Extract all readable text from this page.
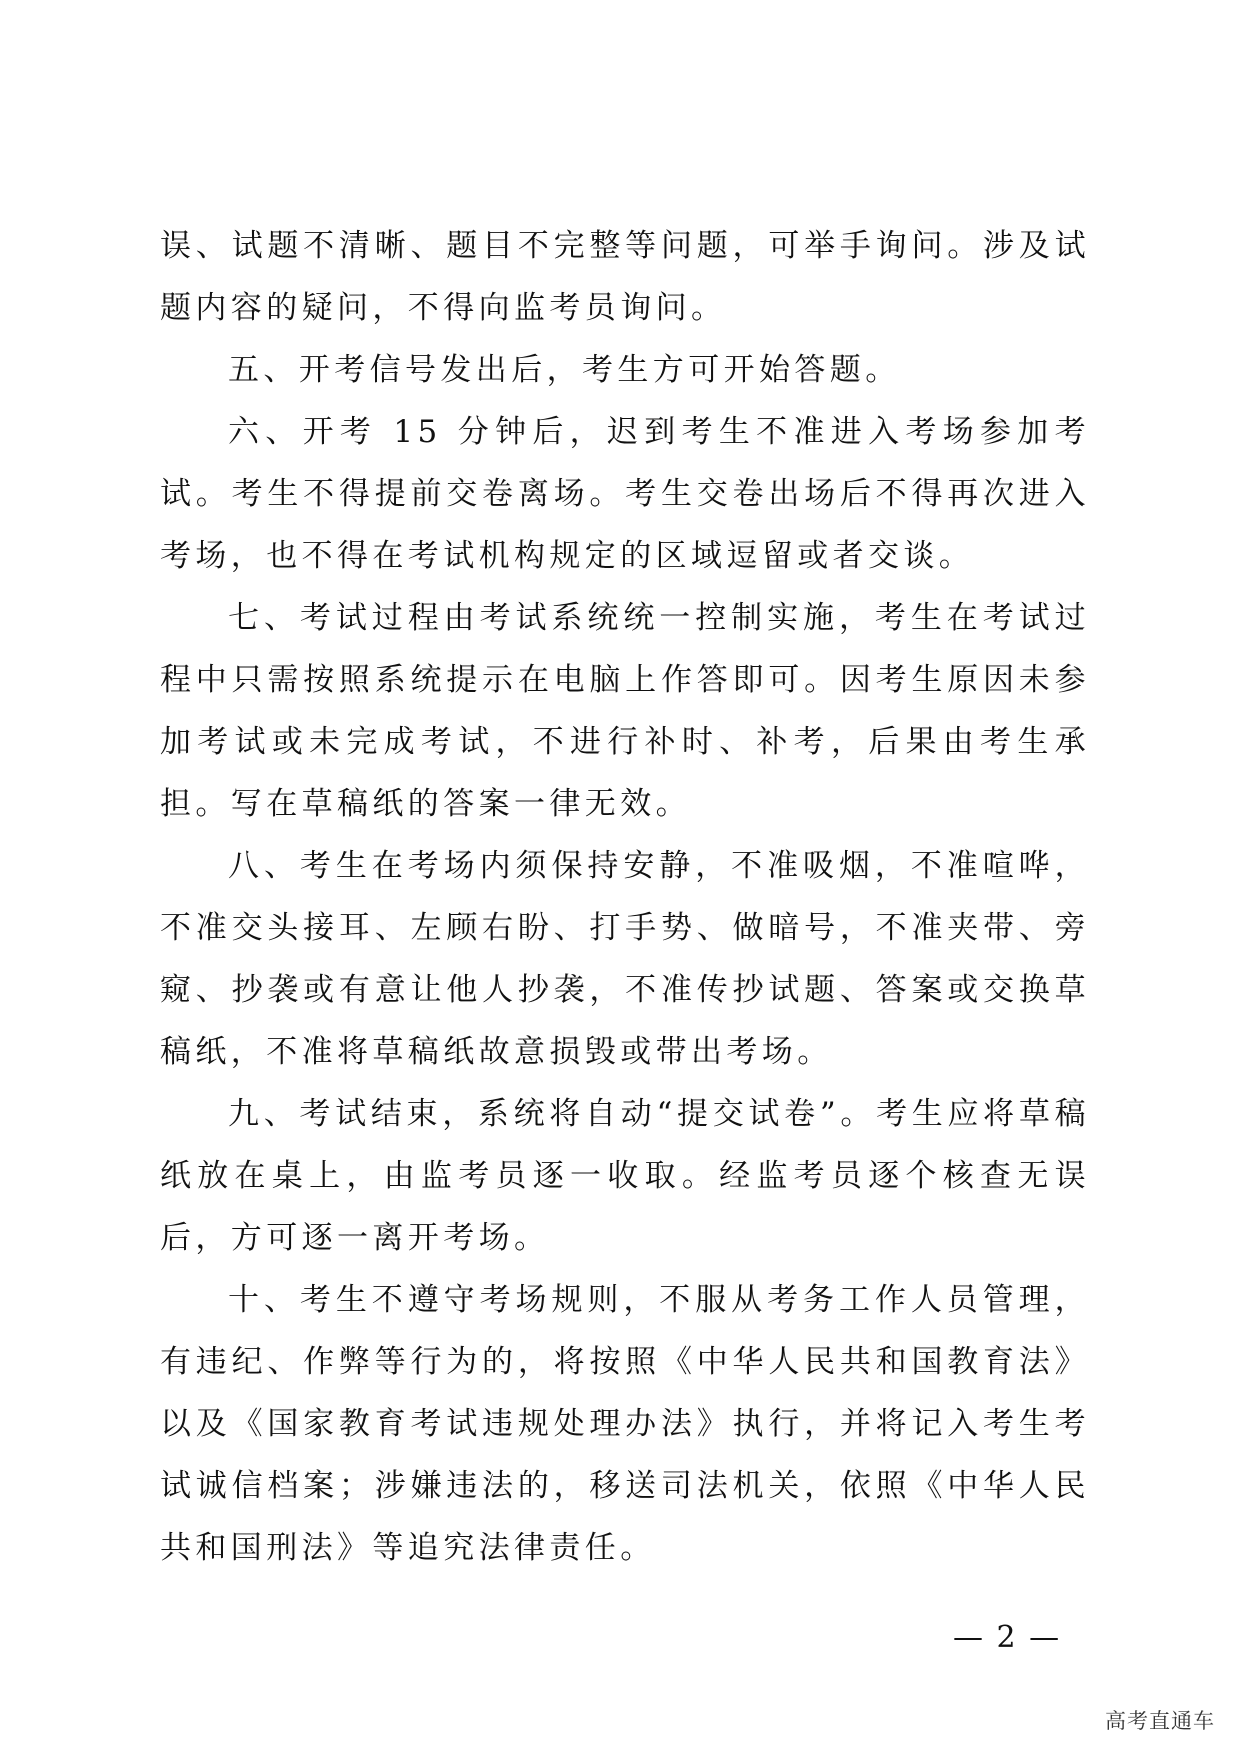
误、试题不清晰、题目不完整等问题，可举手询问。涉及试题内容的疑问，不得向监考员询问。

五、开考信号发出后，考生方可开始答题。

六、开考 15 分钟后，迟到考生不准进入考场参加考试。考生不得提前交卷离场。考生交卷出场后不得再次进入考场，也不得在考试机构规定的区域逗留或者交谈。

七、考试过程由考试系统统一控制实施，考生在考试过程中只需按照系统提示在电脑上作答即可。因考生原因未参加考试或未完成考试，不进行补时、补考，后果由考生承担。写在草稿纸的答案一律无效。

八、考生在考场内须保持安静，不准吸烟，不准喧哗，不准交头接耳、左顾右盼、打手势、做暗号，不准夹带、旁窥、抄袭或有意让他人抄袭，不准传抄试题、答案或交换草稿纸，不准将草稿纸故意损毁或带出考场。

九、考试结束，系统将自动“提交试卷”。考生应将草稿纸放在桌上，由监考员逐一收取。经监考员逐个核查无误后，方可逐一离开考场。

十、考生不遵守考场规则，不服从考务工作人员管理，有违纪、作弊等行为的，将按照《中华人民共和国教育法》以及《国家教育考试违规处理办法》执行，并将记入考生考试诚信档案；涉嫌违法的，移送司法机关，依照《中华人民共和国刑法》等追究法律责任。

— 2 —
高考直通车
